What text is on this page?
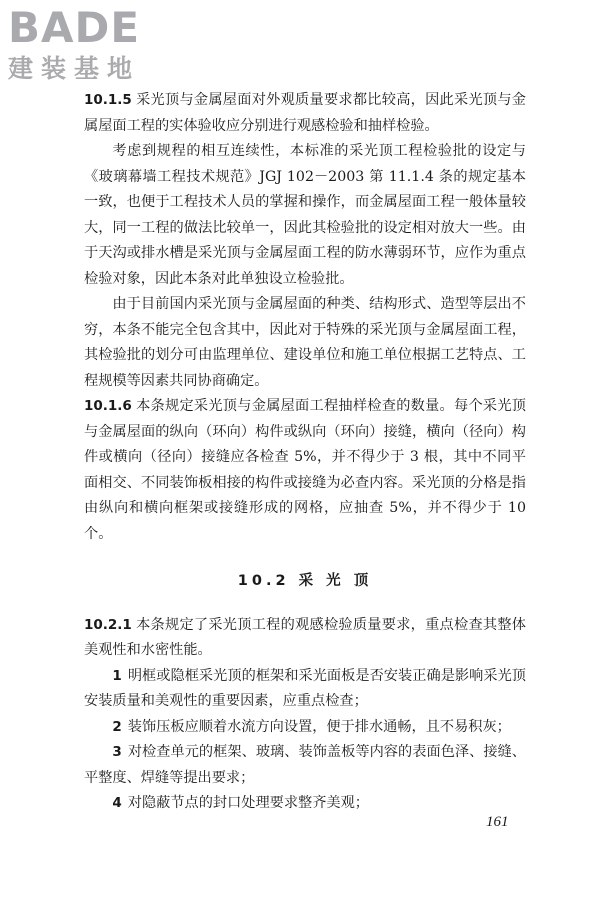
BADE
建装基地

10.1.5 采光顶与金属屋面对外观质量要求都比较高，因此采光顶与金属屋面工程的实体验收应分别进行观感检验和抽样检验。

考虑到规程的相互连续性，本标准的采光顶工程检验批的设定与《玻璃幕墙工程技术规范》JGJ 102－2003 第 11.1.4 条的规定基本一致，也便于工程技术人员的掌握和操作，而金属屋面工程一般体量较大，同一工程的做法比较单一，因此其检验批的设定相对放大一些。由于天沟或排水槽是采光顶与金属屋面工程的防水薄弱环节，应作为重点检验对象，因此本条对此单独设立检验批。

由于目前国内采光顶与金属屋面的种类、结构形式、造型等层出不穷，本条不能完全包含其中，因此对于特殊的采光顶与金属屋面工程，其检验批的划分可由监理单位、建设单位和施工单位根据工艺特点、工程规模等因素共同协商确定。

10.1.6 本条规定采光顶与金属屋面工程抽样检查的数量。每个采光顶与金属屋面的纵向（环向）构件或纵向（环向）接缝，横向（径向）构件或横向（径向）接缝应各检查 5%，并不得少于 3 根，其中不同平面相交、不同装饰板相接的构件或接缝为必查内容。采光顶的分格是指由纵向和横向框架或接缝形成的网格，应抽查 5%，并不得少于 10 个。

10.2 采 光 顶

10.2.1 本条规定了采光顶工程的观感检验质量要求，重点检查其整体美观性和水密性能。

1 明框或隐框采光顶的框架和采光面板是否安装正确是影响采光顶安装质量和美观性的重要因素，应重点检查；

2 装饰压板应顺着水流方向设置，便于排水通畅，且不易积灰；

3 对检查单元的框架、玻璃、装饰盖板等内容的表面色泽、接缝、平整度、焊缝等提出要求；

4 对隐蔽节点的封口处理要求整齐美观；

161
